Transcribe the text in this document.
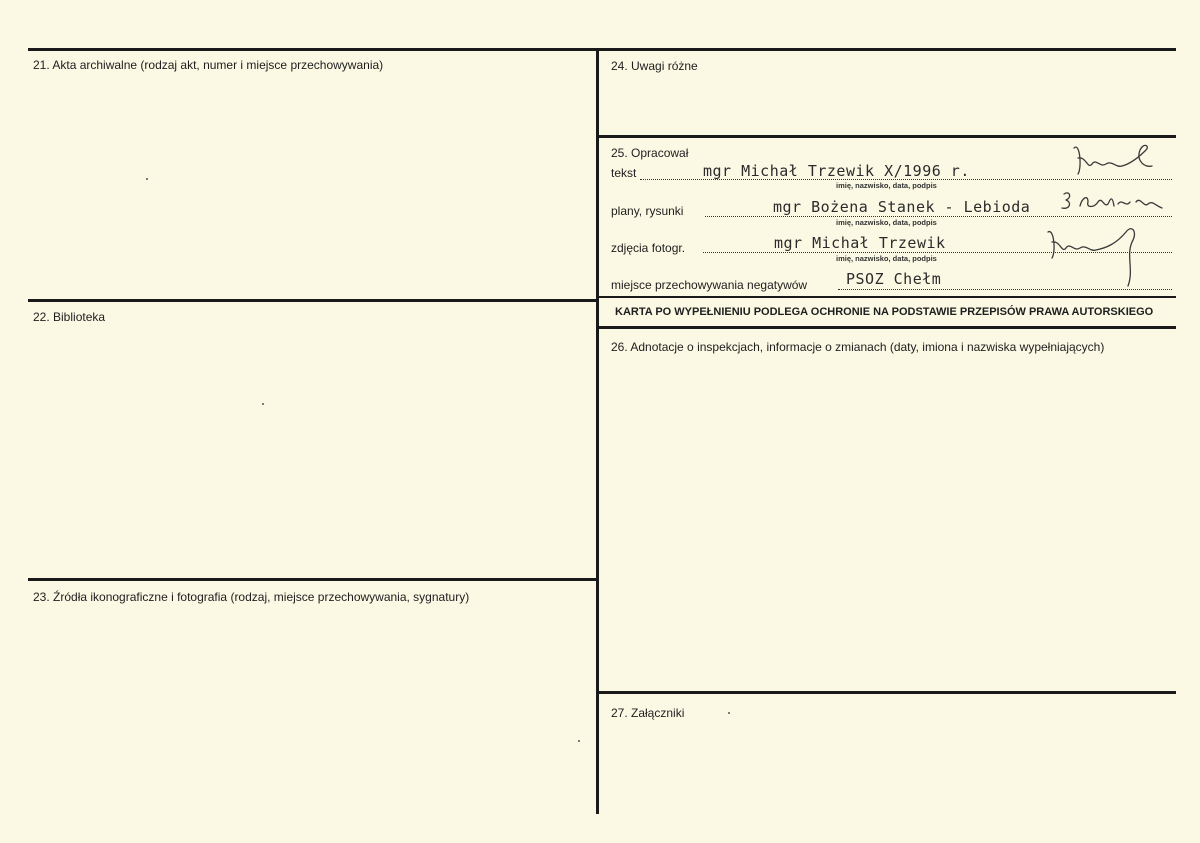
21. Akta archiwalne (rodzaj akt, numer i miejsce przechowywania)
22. Biblioteka
23. Źródła ikonograficzne i fotografia (rodzaj, miejsce przechowywania, sygnatury)
24. Uwagi różne
25. Opracował
26. Adnotacje o inspekcjach, informacje o zmianach (daty, imiona i nazwiska wypełniających)
27. Załączniki
tekst	mgr Michał Trzewik X/1996 r.
imię, nazwisko, data, podpis
plany, rysunki	mgr Bożena Stanek - Lebioda
imię, nazwisko, data, podpis
zdjęcia fotogr.	mgr Michał Trzewik
imię, nazwisko, data, podpis
miejsce przechowywania negatywów	PSOZ Chełm
KARTA PO WYPEŁNIENIU PODLEGA OCHRONIE NA PODSTAWIE PRZEPISÓW PRAWA AUTORSKIEGO
